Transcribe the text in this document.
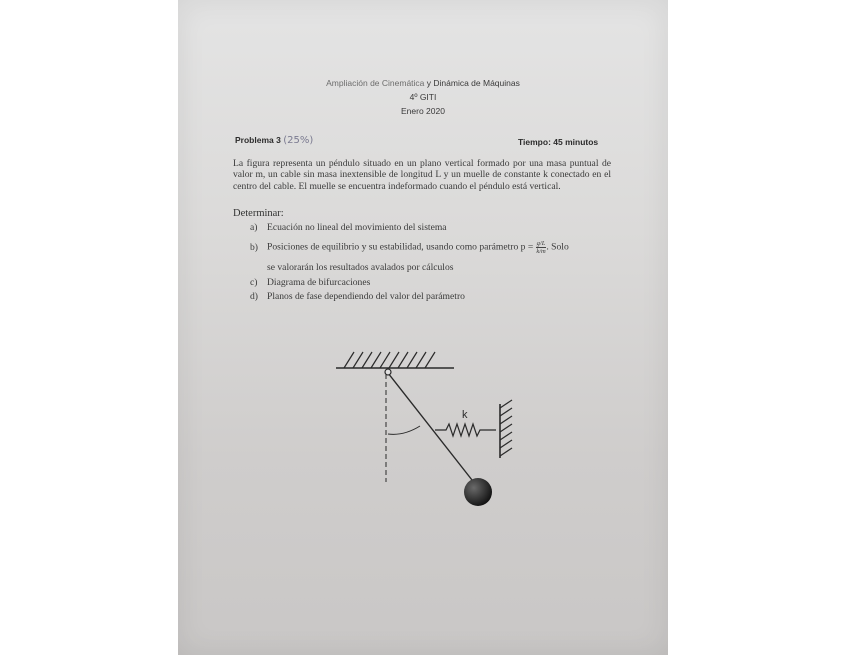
Ampliación de Cinemática y Dinámica de Máquinas
4º GITI
Enero 2020
Problema 3 (25%)	Tiempo: 45 minutos
La figura representa un péndulo situado en un plano vertical formado por una masa puntual de valor m, un cable sin masa inextensible de longitud L y un muelle de constante k conectado en el centro del cable. El muelle se encuentra indeformado cuando el péndulo está vertical.
Determinar:
a) Ecuación no lineal del movimiento del sistema
b) Posiciones de equilibrio y su estabilidad, usando como parámetro $p = \frac{g/L}{k/m}$ . Solo
se valorarán los resultados avalados por cálculos
c) Diagrama de bifurcaciones
d) Planos de fase dependiendo del valor del parámetro
k
